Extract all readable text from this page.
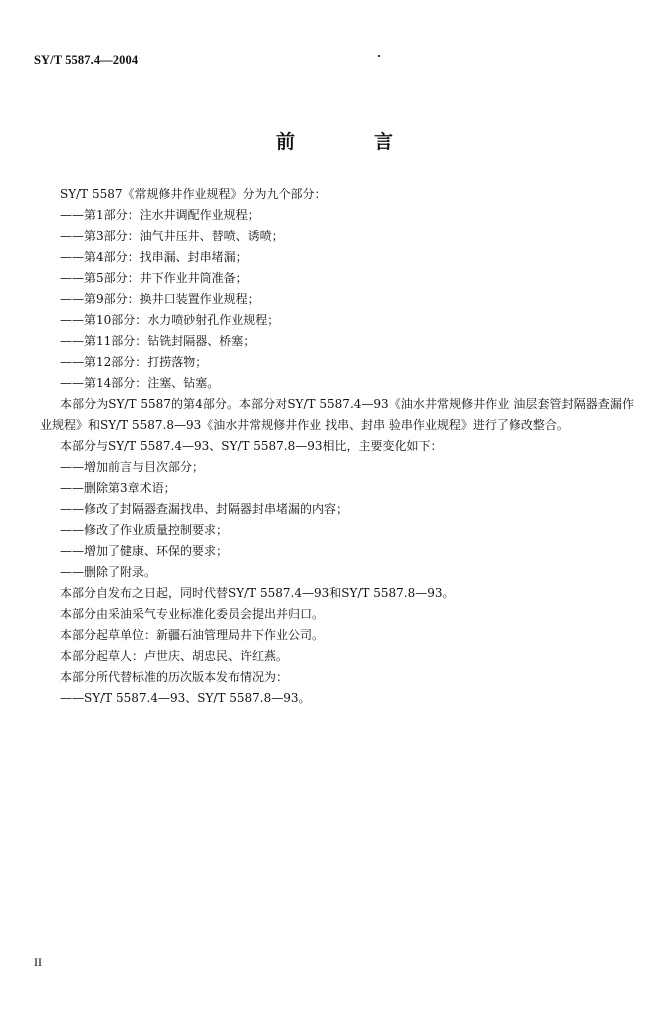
SY/T 5587.4—2004
前　言

SY/T 5587《常规修井作业规程》分为九个部分：

——第1部分：注水井调配作业规程；

——第3部分：油气井压井、替喷、诱喷；

——第4部分：找串漏、封串堵漏；

——第5部分：井下作业井筒准备；

——第9部分：换井口装置作业规程；

——第10部分：水力喷砂射孔作业规程；

——第11部分：钻铣封隔器、桥塞；

——第12部分：打捞落物；

——第14部分：注塞、钻塞。

本部分为SY/T 5587的第4部分。本部分对SY/T 5587.4—93《油水井常规修井作业 油层套管封隔器查漏作业规程》和SY/T 5587.8—93《油水井常规修井作业 找串、封串 验串作业规程》进行了修改整合。

本部分与SY/T 5587.4—93、SY/T 5587.8—93相比，主要变化如下：

——增加前言与目次部分；

——删除第3章术语；

——修改了封隔器查漏找串、封隔器封串堵漏的内容；

——修改了作业质量控制要求；

——增加了健康、环保的要求；

——删除了附录。

本部分自发布之日起，同时代替SY/T 5587.4—93和SY/T 5587.8—93。

本部分由采油采气专业标准化委员会提出并归口。

本部分起草单位：新疆石油管理局井下作业公司。

本部分起草人：卢世庆、胡忠民、许红燕。

本部分所代替标准的历次版本发布情况为：

——SY/T 5587.4—93、SY/T 5587.8—93。

II
